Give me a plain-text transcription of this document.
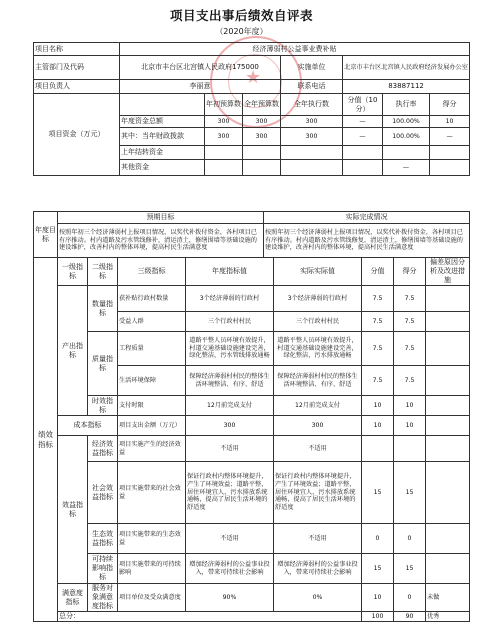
项目支出事后绩效自评表
（2020年度）
★
项目名称	经济薄弱村公益事业费补贴						
主管部门及代码	北京市丰台区北宫镇人民政府175000			实施单位	北京市丰台区北宫镇人民政府经济发展办公室		
项目负责人	李丽意			联系电话	83887112		
项目资金（万元）		年初预算数	全年预算数	全年执行数	分值（10分）	执行率	得分
	年度资金总额	300	300	300	—	100.00%	10
	其中：当年财政拨款	300	300	300	—	100.00%	—
	上年结转资金						
	其他资金					—	
年度目标	预期目标	实际完成情况
	按照年初三个经济薄弱村上报项目情况，以奖代补拨付资金，各村项目已有序推动。村内道路及污水管线修补，清运渣土，修缮围墙等基础设施的建设维护，改善村内的整体环境，提高村民生活满意度	按照年初三个经济薄弱村上报项目情况，以奖代补拨付资金，各村项目已有序推动。村内道路及污水管线修复，清运渣土，修缮围墙等基础设施的建设维护，改善村内的整体环境，提高村民生活满意度
绩效指标	一级指标	二级指标	三级指标	年度指标值	实际实际值	分值	得分	偏差原因分析及改进措施
	产出指标	数量指标	获补贴行政村数量	3个经济薄弱的行政村	3个经济薄弱的行政村	7.5	7.5	
			受益人群	三个行政村村民	三个行政村村民	7.5	7.5	
		质量指标	工程质量	道路平整人员环境有效提升，村道交通基础设施建设完善，绿化整洁，污水管线排放通畅	道路平整人员环境有效提升，村道交通基础设施建设完善，绿化整洁，污水排放通畅	7.5	7.5	
			生活环境保障	保障经济薄弱村村民的整体生活环境整洁、有序、舒适	保障经济薄弱村村民的整体生活环境整洁、有序、舒适	7.5	7.5	
		时效指标	支付时限	12月前完成支付	12月前完成支付	10	10	
	成本指标		项目支出金额（万元）	300	300	10	10	
	效益指标	经济效益指标	项目实施产生的经济效益	不适用	不适用			
		社会效益指标	项目实施带来的社会效益	保证行政村内整体环境提升，产生了环境效益；道路平整，居住环境宜人，污水排放系统通畅，提高了居民生活环境的舒适度	保证行政村内整体环境提升，产生了环境效益；道路平整，居住环境宜人，污水排放系统通畅，提高了居民生活环境的舒适度	15	15	
		生态效益指标	项目实施带来的生态效益	不适用	不适用	0	0	
		可持续影响指标	项目实施带来的可持续影响	增加经济薄弱村的公益事业投入，带来可持续社会影响	增加经济薄弱村的公益事业投入，带来可持续社会影响	15	15	
	满意度指标	服务对象满意度指标	项目单位及受众满意度	90%	0%	10	0	未做
	总分：					100	90	优秀
